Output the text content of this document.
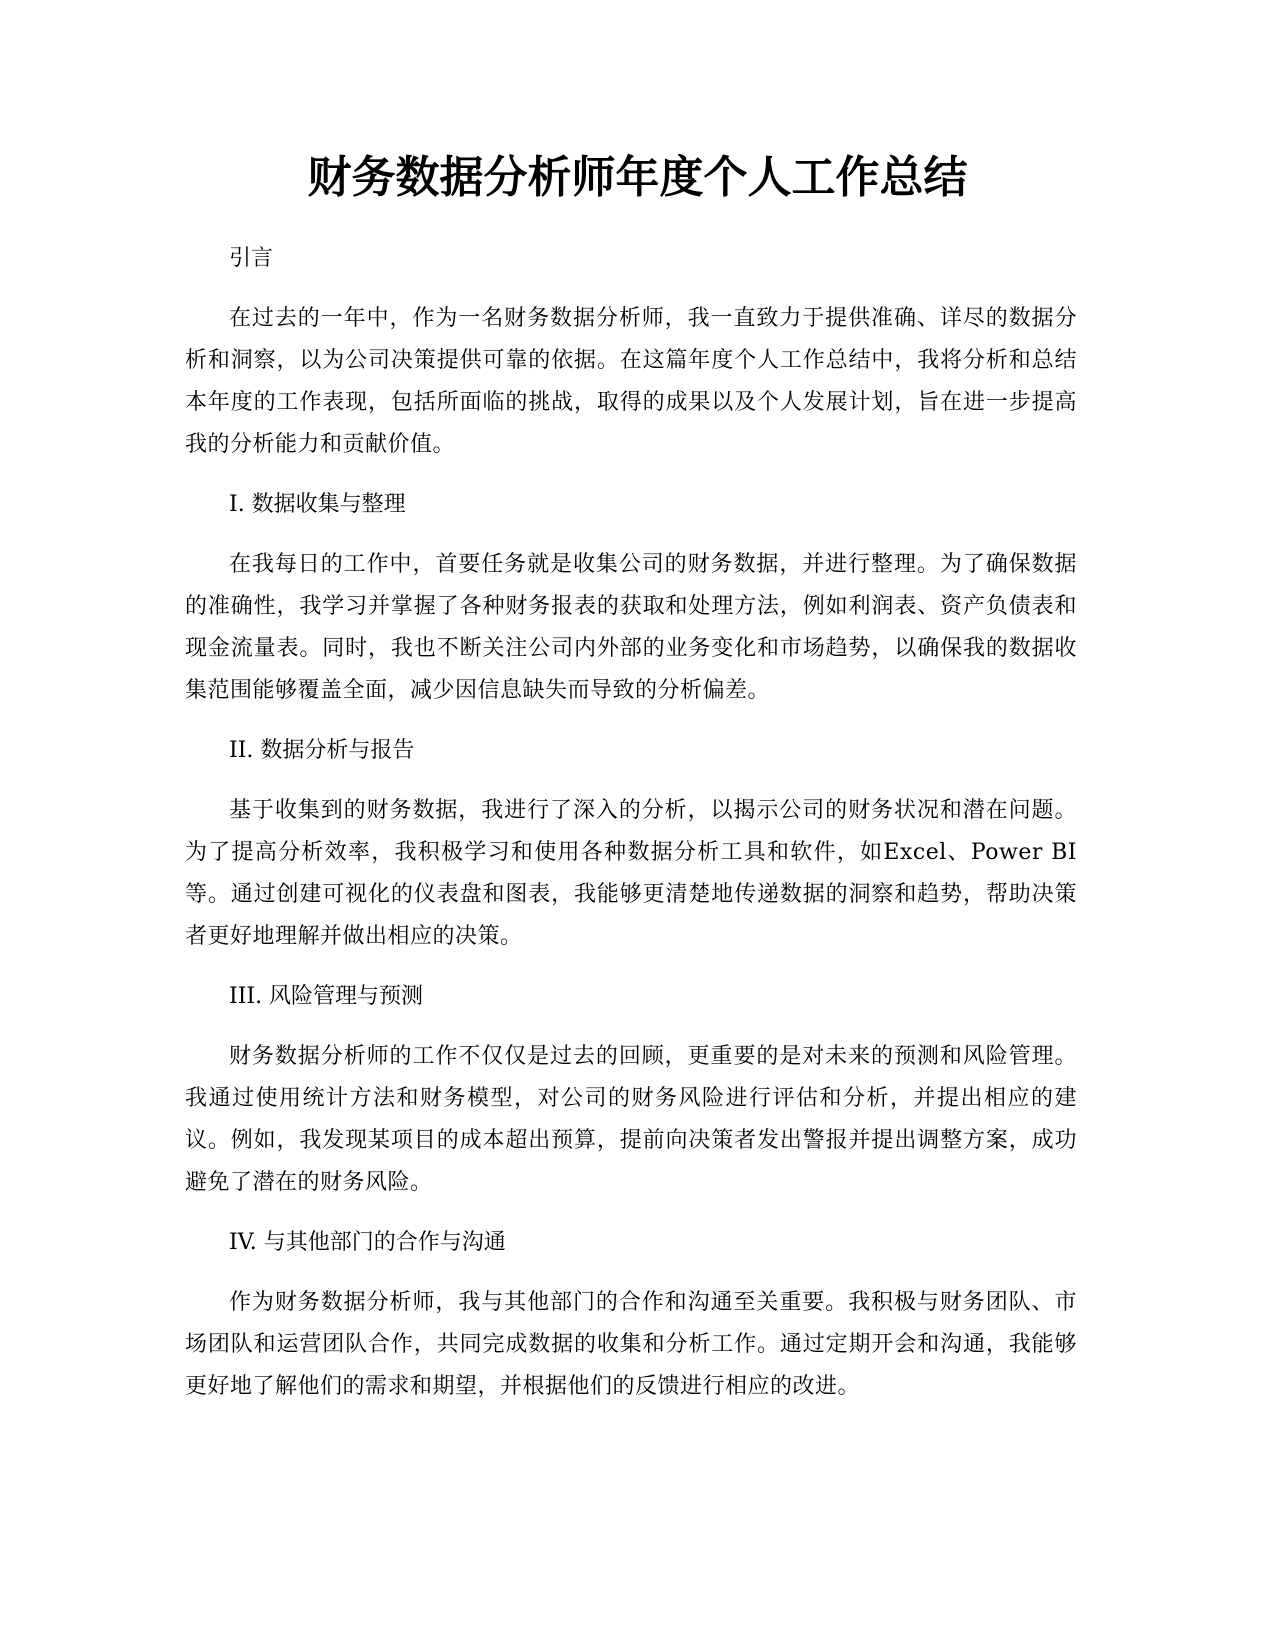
财务数据分析师年度个人工作总结

引言

在过去的一年中，作为一名财务数据分析师，我一直致力于提供准确、详尽的数据分析和洞察，以为公司决策提供可靠的依据。在这篇年度个人工作总结中，我将分析和总结本年度的工作表现，包括所面临的挑战，取得的成果以及个人发展计划，旨在进一步提高我的分析能力和贡献价值。

I. 数据收集与整理

在我每日的工作中，首要任务就是收集公司的财务数据，并进行整理。为了确保数据的准确性，我学习并掌握了各种财务报表的获取和处理方法，例如利润表、资产负债表和现金流量表。同时，我也不断关注公司内外部的业务变化和市场趋势，以确保我的数据收集范围能够覆盖全面，减少因信息缺失而导致的分析偏差。

II. 数据分析与报告

基于收集到的财务数据，我进行了深入的分析，以揭示公司的财务状况和潜在问题。为了提高分析效率，我积极学习和使用各种数据分析工具和软件，如Excel、Power BI等。通过创建可视化的仪表盘和图表，我能够更清楚地传递数据的洞察和趋势，帮助决策者更好地理解并做出相应的决策。

III. 风险管理与预测

财务数据分析师的工作不仅仅是过去的回顾，更重要的是对未来的预测和风险管理。我通过使用统计方法和财务模型，对公司的财务风险进行评估和分析，并提出相应的建议。例如，我发现某项目的成本超出预算，提前向决策者发出警报并提出调整方案，成功避免了潜在的财务风险。

IV. 与其他部门的合作与沟通

作为财务数据分析师，我与其他部门的合作和沟通至关重要。我积极与财务团队、市场团队和运营团队合作，共同完成数据的收集和分析工作。通过定期开会和沟通，我能够更好地了解他们的需求和期望，并根据他们的反馈进行相应的改进。
